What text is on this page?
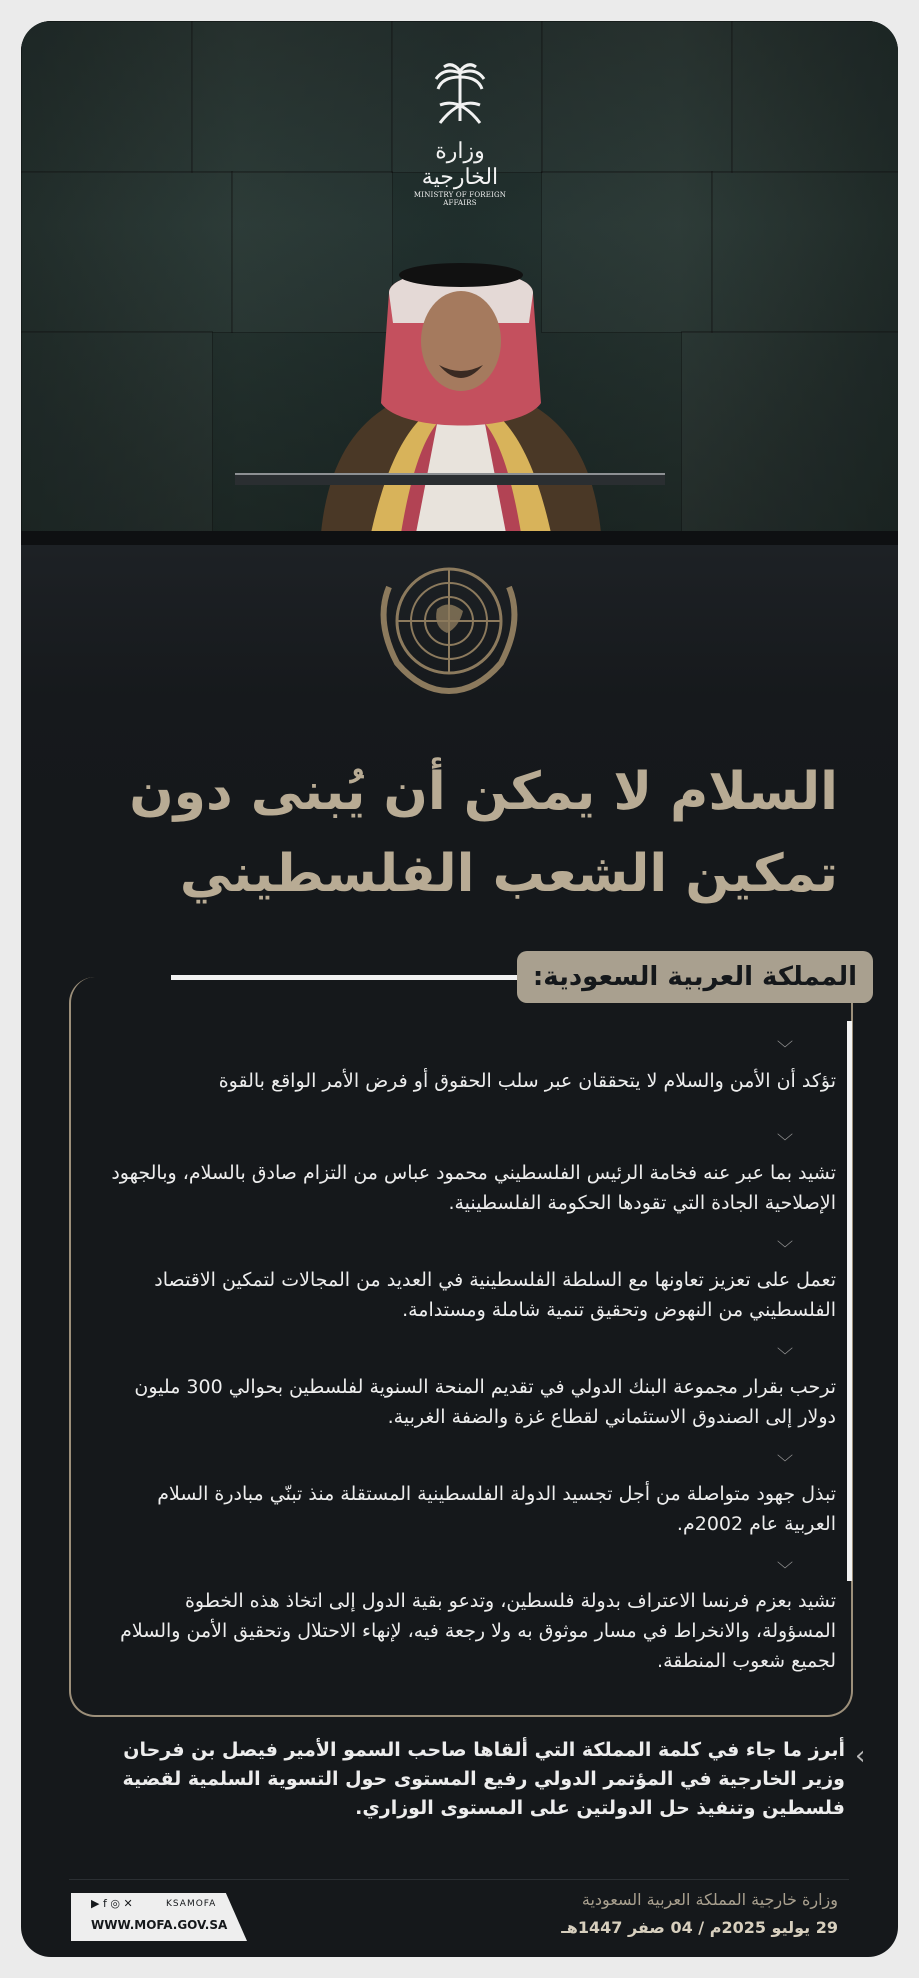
وزارة الخارجية
MINISTRY OF FOREIGN AFFAIRS
السلام لا يمكن أن يُبنى دون
تمكين الشعب الفلسطيني
المملكة العربية السعودية:
﹀
تؤكد أن الأمن والسلام لا يتحققان عبر سلب الحقوق أو فرض الأمر الواقع بالقوة
﹀
تشيد بما عبر عنه فخامة الرئيس الفلسطيني محمود عباس من التزام صادق بالسلام، وبالجهود الإصلاحية الجادة التي تقودها الحكومة الفلسطينية.
﹀
تعمل على تعزيز تعاونها مع السلطة الفلسطينية في العديد من المجالات لتمكين الاقتصاد الفلسطيني من النهوض وتحقيق تنمية شاملة ومستدامة.
﹀
ترحب بقرار مجموعة البنك الدولي في تقديم المنحة السنوية لفلسطين بحوالي 300 مليون دولار إلى الصندوق الاستئماني لقطاع غزة والضفة الغربية.
﹀
تبذل جهود متواصلة من أجل تجسيد الدولة الفلسطينية المستقلة منذ تبنّي مبادرة السلام العربية عام 2002م.
﹀
تشيد بعزم فرنسا الاعتراف بدولة فلسطين، وتدعو بقية الدول إلى اتخاذ هذه الخطوة المسؤولة، والانخراط في مسار موثوق به ولا رجعة فيه، لإنهاء الاحتلال وتحقيق الأمن والسلام لجميع شعوب المنطقة.
‹
أبرز ما جاء في كلمة المملكة التي ألقاها صاحب السمو الأمير فيصل بن فرحان وزير الخارجية في المؤتمر الدولي رفيع المستوى حول التسوية السلمية لقضية فلسطين وتنفيذ حل الدولتين على المستوى الوزاري.
وزارة خارجية المملكة العربية السعودية
29 يوليو 2025م / 04 صفر 1447هـ
▶ f ◎ ✕	KSAMOFA
WWW.MOFA.GOV.SA
